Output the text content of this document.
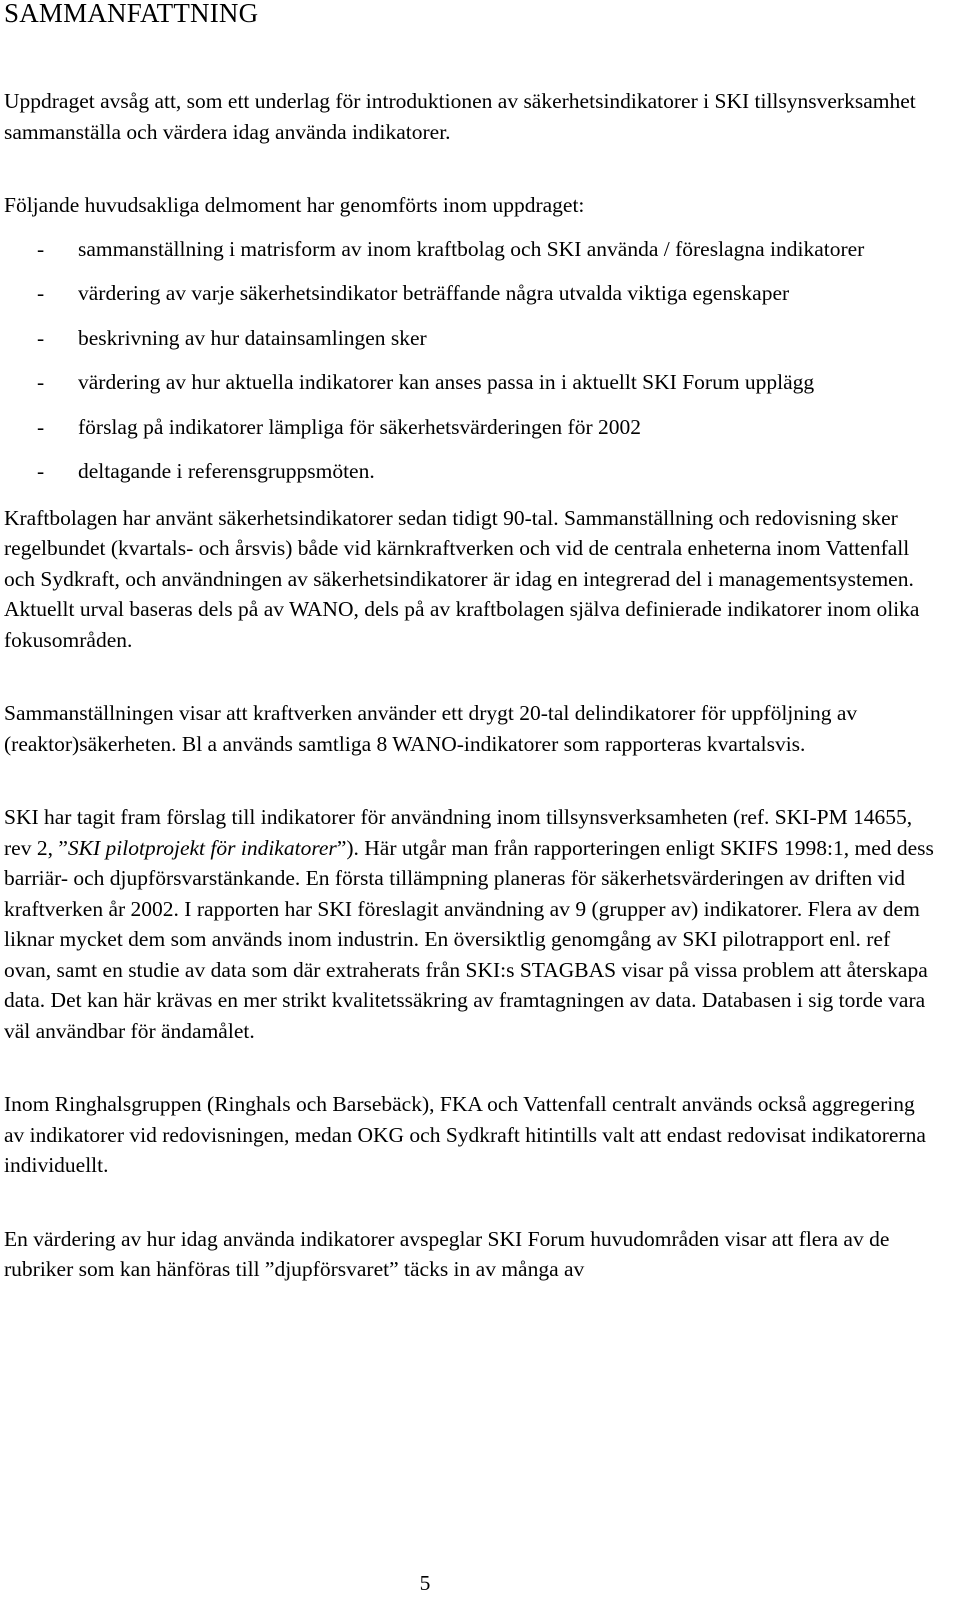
SAMMANFATTNING

Uppdraget avsåg att, som ett underlag för introduktionen av säkerhetsindikatorer i SKI tillsynsverksamhet sammanställa och värdera idag använda indikatorer.

Följande huvudsakliga delmoment har genomförts inom uppdraget:

- sammanställning i matrisform av inom kraftbolag och SKI använda / föreslagna indikatorer
- värdering av varje säkerhetsindikator beträffande några utvalda viktiga egenskaper
- beskrivning av hur datainsamlingen sker
- värdering av hur aktuella indikatorer kan anses passa in i aktuellt SKI Forum upplägg
- förslag på indikatorer lämpliga för säkerhetsvärderingen för 2002
- deltagande i referensgruppsmöten.

Kraftbolagen har använt säkerhetsindikatorer sedan tidigt 90-tal. Sammanställning och redovisning sker regelbundet (kvartals- och årsvis) både vid kärnkraftverken och vid de centrala enheterna inom Vattenfall och Sydkraft, och användningen av säkerhetsindikatorer är idag en integrerad del i managementsystemen. Aktuellt urval baseras dels på av WANO, dels på av kraftbolagen själva definierade indikatorer inom olika fokusområden.

Sammanställningen visar att kraftverken använder ett drygt 20-tal delindikatorer för uppföljning av (reaktor)säkerheten. Bl a används samtliga 8 WANO-indikatorer som rapporteras kvartalsvis.

SKI har tagit fram förslag till indikatorer för användning inom tillsynsverksamheten (ref. SKI-PM 14655, rev 2, ”SKI pilotprojekt för indikatorer”). Här utgår man från rapporteringen enligt SKIFS 1998:1, med dess barriär- och djupförsvarstänkande. En första tillämpning planeras för säkerhetsvärderingen av driften vid kraftverken år 2002. I rapporten har SKI föreslagit användning av 9 (grupper av) indikatorer. Flera av dem liknar mycket dem som används inom industrin. En översiktlig genomgång av SKI pilotrapport enl. ref ovan, samt en studie av data som där extraherats från SKI:s STAGBAS visar på vissa problem att återskapa data. Det kan här krävas en mer strikt kvalitetssäkring av framtagningen av data. Databasen i sig torde vara väl användbar för ändamålet.

Inom Ringhalsgruppen (Ringhals och Barsebäck), FKA och Vattenfall centralt används också aggregering av indikatorer vid redovisningen, medan OKG och Sydkraft hitintills valt att endast redovisat indikatorerna individuellt.

En värdering av hur idag använda indikatorer avspeglar SKI Forum huvudområden visar att flera av de rubriker som kan hänföras till ”djupförsvaret” täcks in av många av

5
